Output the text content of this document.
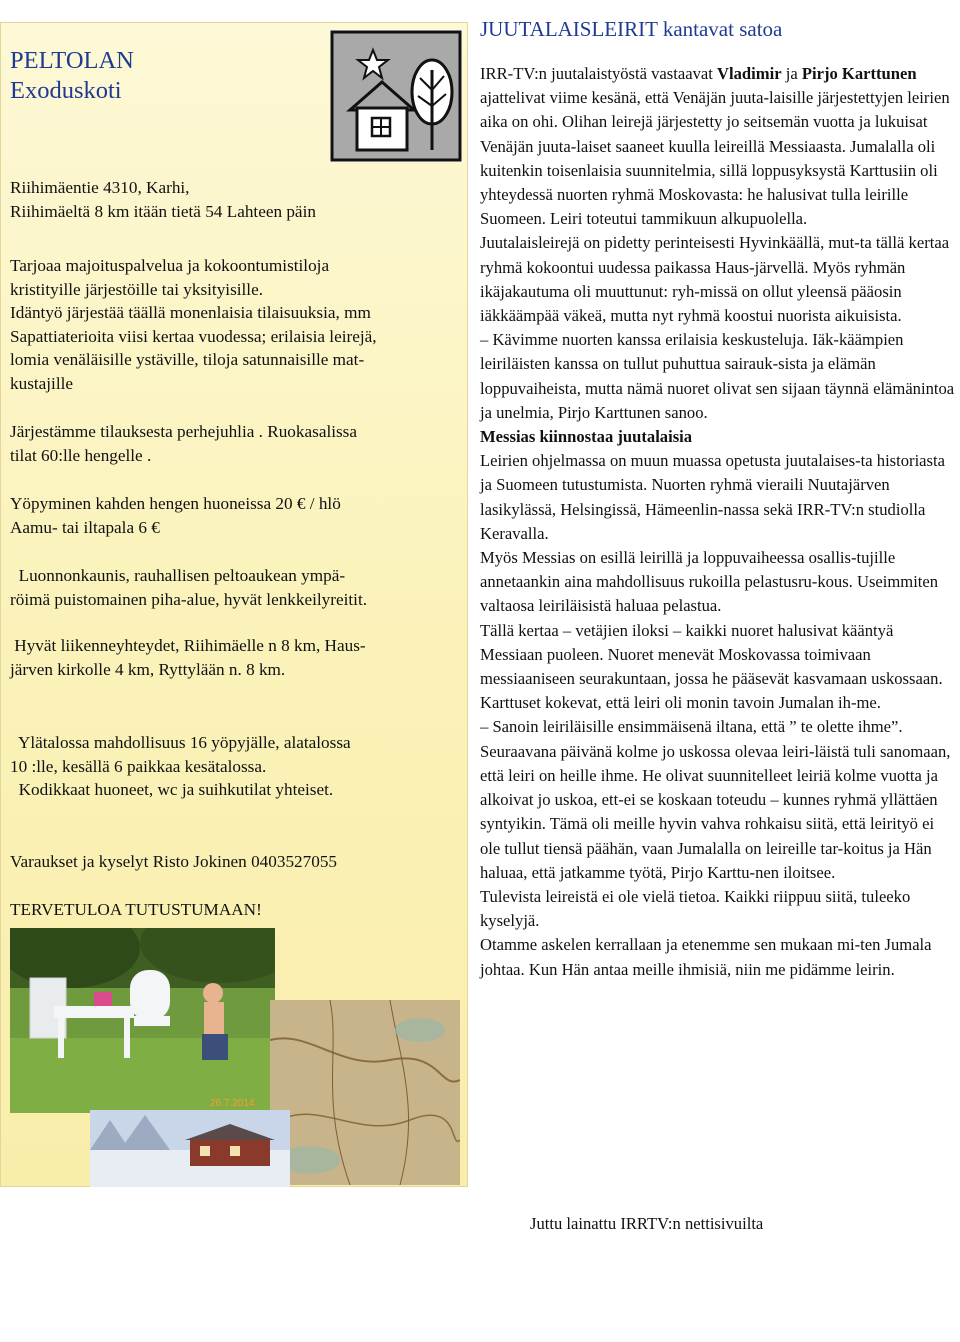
PELTOLAN
Exoduskoti
Riihimäentie 4310, Karhi,
Riihimäeltä 8 km itään tietä 54 Lahteen päin
Tarjoaa majoituspalvelua ja kokoontumistiloja
kristityille järjestöille tai yksityisille.
Idäntyö järjestää täällä monenlaisia tilaisuuksia, mm
Sapattiaterioita viisi kertaa vuodessa; erilaisia leirejä,
lomia venäläisille ystäville, tiloja satunnaisille mat-
kustajille
Järjestämme tilauksesta perhejuhlia . Ruokasalissa
tilat 60:lle hengelle .
Yöpyminen kahden hengen huoneissa 20 € / hlö
Aamu- tai iltapala 6 €
Luonnonkaunis, rauhallisen peltoaukean ympä-
röimä puistomainen piha-alue, hyvät lenkkeilyreitit.
Hyvät liikenneyhteydet, Riihimäelle n 8 km, Haus-
järven kirkolle 4 km, Ryttylään n. 8 km.
Ylätalossa mahdollisuus 16 yöpyjälle, alatalossa
10 :lle, kesällä 6 paikkaa kesätalossa.
Kodikkaat huoneet, wc ja suihkutilat yhteiset.
Varaukset ja kyselyt Risto Jokinen 0403527055
TERVETULOA TUTUSTUMAAN!
26.7.2014
JUUTALAISLEIRIT kantavat satoa

IRR-TV:n juutalaistyöstä vastaavat Vladimir ja Pirjo Karttunen ajattelivat viime kesänä, että Venäjän juuta-laisille järjestettyjen leirien aika on ohi. Olihan leirejä järjestetty jo seitsemän vuotta ja lukuisat Venäjän juuta-laiset saaneet kuulla leireillä Messiaasta. Jumalalla oli kuitenkin toisenlaisia suunnitelmia, sillä loppusyksystä Karttusiin oli yhteydessä nuorten ryhmä Moskovasta: he halusivat tulla leirille Suomeen. Leiri toteutui tammikuun alkupuolella.

Juutalaisleirejä on pidetty perinteisesti Hyvinkäällä, mut-ta tällä kertaa ryhmä kokoontui uudessa paikassa Haus-järvellä. Myös ryhmän ikäjakautuma oli muuttunut: ryh-missä on ollut yleensä pääosin iäkkäämpää väkeä, mutta nyt ryhmä koostui nuorista aikuisista.

– Kävimme nuorten kanssa erilaisia keskusteluja. Iäk-käämpien leiriläisten kanssa on tullut puhuttua sairauk-sista ja elämän loppuvaiheista, mutta nämä nuoret olivat sen sijaan täynnä elämänintoa ja unelmia, Pirjo Karttunen sanoo.

Messias kiinnostaa juutalaisia

Leirien ohjelmassa on muun muassa opetusta juutalaises-ta historiasta ja Suomeen tutustumista. Nuorten ryhmä vieraili Nuutajärven lasikylässä, Helsingissä, Hämeenlin-nassa sekä IRR-TV:n studiolla Keravalla.

Myös Messias on esillä leirillä ja loppuvaiheessa osallis-tujille annetaankin aina mahdollisuus rukoilla pelastusru-kous. Useimmiten valtaosa leiriläisistä haluaa pelastua.

Tällä kertaa – vetäjien iloksi – kaikki nuoret halusivat kääntyä Messiaan puoleen. Nuoret menevät Moskovassa toimivaan messiaaniseen seurakuntaan, jossa he pääsevät kasvamaan uskossaan.

Karttuset kokevat, että leiri oli monin tavoin Jumalan ih-me.

– Sanoin leiriläisille ensimmäisenä iltana, että ” te olette ihme”. Seuraavana päivänä kolme jo uskossa olevaa leiri-läistä tuli sanomaan, että leiri on heille ihme. He olivat suunnitelleet leiriä kolme vuotta ja alkoivat jo uskoa, ett-ei se koskaan toteudu – kunnes ryhmä yllättäen syntyikin. Tämä oli meille hyvin vahva rohkaisu siitä, että leirityö ei ole tullut tiensä päähän, vaan Jumalalla on leireille tar-koitus ja Hän haluaa, että jatkamme työtä, Pirjo Karttu-nen iloitsee.

Tulevista leireistä ei ole vielä tietoa. Kaikki riippuu siitä, tuleeko kyselyjä.

Otamme askelen kerrallaan ja etenemme sen mukaan mi-ten Jumala johtaa. Kun Hän antaa meille ihmisiä, niin me pidämme leirin.

Juttu lainattu IRRTV:n nettisivuilta
